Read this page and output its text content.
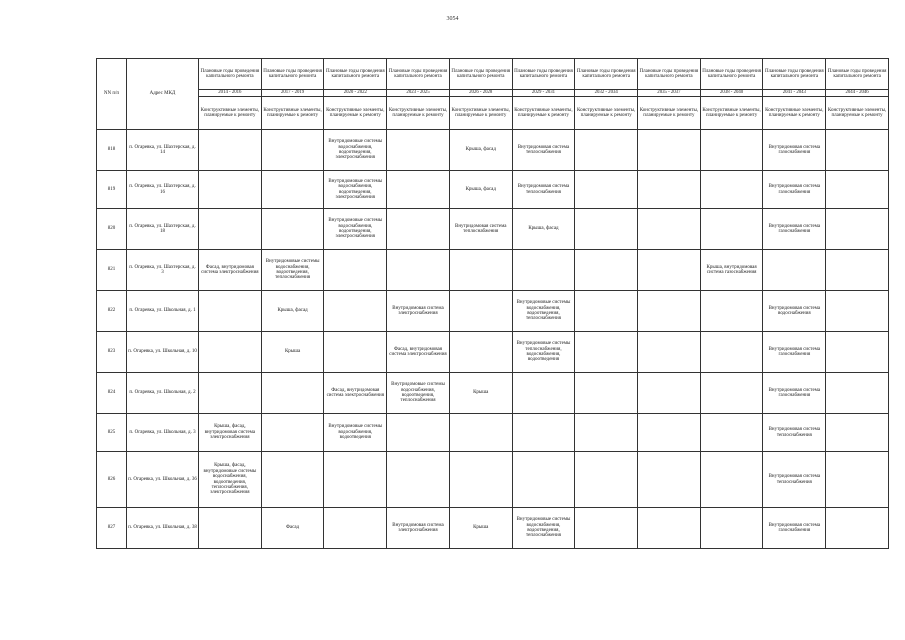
3054
NN п/п	Адрес МКД	Плановые годы проведения капитального ремонта	Плановые годы проведения капитального ремонта	Плановые годы проведения капитального ремонта	Плановые годы проведения капитального ремонта	Плановые годы проведения капитального ремонта	Плановые годы проведения капитального ремонта	Плановые годы проведения капитального ремонта	Плановые годы проведения капитального ремонта	Плановые годы проведения капитального ремонта	Плановые годы проведения капитального ремонта	Плановые годы проведения капитального ремонта
		2014 - 2016	2017 - 2019	2020 - 2022	2023 - 2025	2026 - 2028	2029 - 2031	2032 - 2034	2035 - 2037	2038 - 2040	2041 - 2043	2044 - 2046
		Конструктивные элементы, планируемые к ремонту	Конструктивные элементы, планируемые к ремонту	Конструктивные элементы, планируемые к ремонту	Конструктивные элементы, планируемые к ремонту	Конструктивные элементы, планируемые к ремонту	Конструктивные элементы, планируемые к ремонту	Конструктивные элементы, планируемые к ремонту	Конструктивные элементы, планируемые к ремонту	Конструктивные элементы, планируемые к ремонту	Конструктивные элементы, планируемые к ремонту	Конструктивные элементы, планируемые к ремонту
818	п. Огаревка, ул. Шахтерская, д. 14			Внутридомовые системы водоснабжения, водоотведения, электроснабжения		Крыша, фасад	Внутридомовая система теплоснабжения				Внутридомовая система газоснабжения	
819	п. Огаревка, ул. Шахтерская, д. 16			Внутридомовые системы водоснабжения, водоотведения, электроснабжения		Крыша, фасад	Внутридомовая система теплоснабжения				Внутридомовая система газоснабжения	
820	п. Огаревка, ул. Шахтерская, д. 18			Внутридомовые системы водоснабжения, водоотведения, электроснабжения		Внутридомовая система теплоснабжения	Крыша, фасад				Внутридомовая система газоснабжения	
821	п. Огаревка, ул. Шахтерская, д. 3	Фасад, внутридомовая система электроснабжения	Внутридомовые системы водоснабжения, водоотведения, теплоснабжения							Крыша, внутридомовая система газоснабжения		
822	п. Огаревка, ул. Школьная, д. 1		Крыша, фасад		Внутридомовая система электроснабжения		Внутридомовые системы водоснабжения, водоотведения, теплоснабжения				Внутридомовая система водоснабжения	
823	п. Огаревка, ул. Школьная, д. 10		Крыша		Фасад, внутридомовая система электроснабжения		Внутридомовые системы теплоснабжения, водоснабжения, водоотведения				Внутридомовая система газоснабжения	
824	п. Огаревка, ул. Школьная, д. 2			Фасад, внутридомовая система электроснабжения	Внутридомовые системы водоснабжения, водоотведения, теплоснабжения	Крыша					Внутридомовая система газоснабжения	
825	п. Огаревка, ул. Школьная, д. 3	Крыша, фасад, внутридомовая система электроснабжения		Внутридомовые системы водоснабжения, водоотведения							Внутридомовая система теплоснабжения	
826	п. Огаревка, ул. Школьная, д. 36	Крыша, фасад, внутридомовые системы водоснабжения, водоотведения, теплоснабжения, электроснабжения									Внутридомовая система теплоснабжения	
827	п. Огаревка, ул. Школьная, д. 38		Фасад		Внутридомовая система электроснабжения	Крыша	Внутридомовые системы водоснабжения, водоотведения, теплоснабжения				Внутридомовая система газоснабжения	
